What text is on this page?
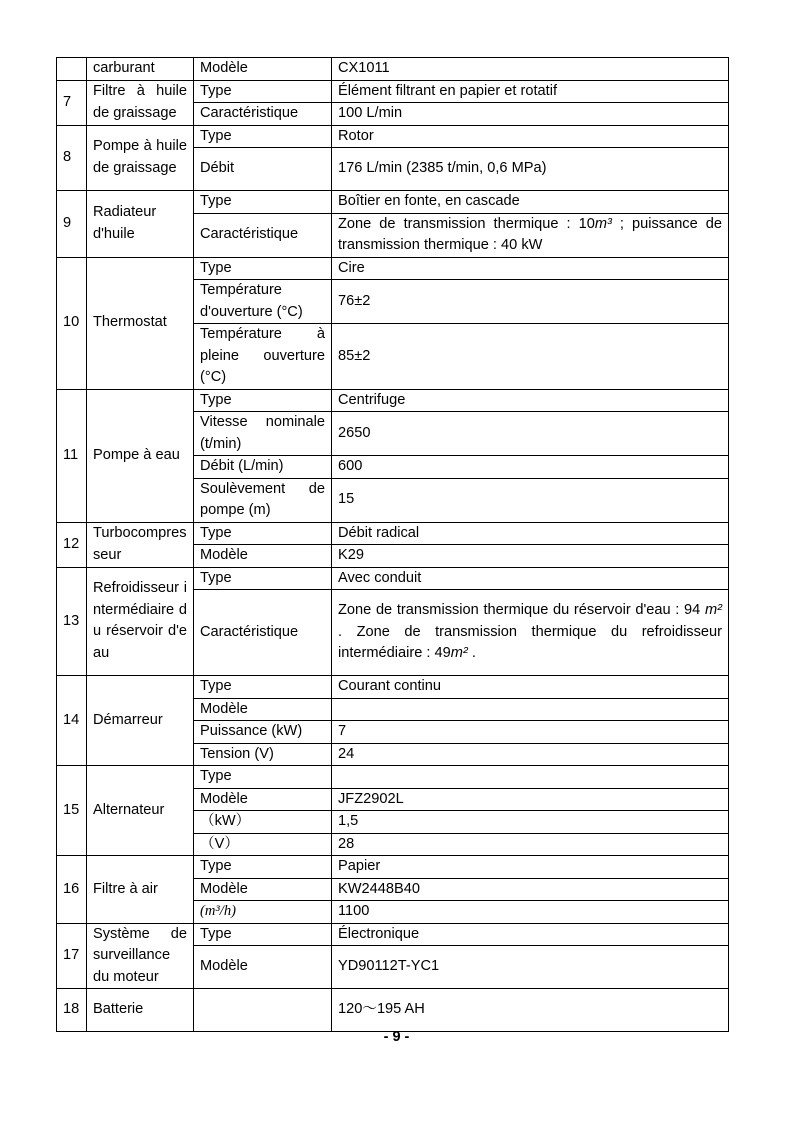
	carburant	Modèle	CX1011
7	Filtre à huile de graissage	Type	Élément filtrant en papier et rotatif
		Caractéristique	100 L/min
8	Pompe à huile de graissage	Type	Rotor
		Débit	176 L/min (2385 t/min, 0,6 MPa)
9	Radiateur d'huile	Type	Boîtier en fonte, en cascade
		Caractéristique	Zone de transmission thermique : 10m³ ; puissance de transmission thermique : 40 kW
10	Thermostat	Type	Cire
		Température d'ouverture (°C)	76±2
		Température à pleine ouverture (°C)	85±2
11	Pompe à eau	Type	Centrifuge
		Vitesse nominale (t/min)	2650
		Débit (L/min)	600
		Soulèvement de pompe (m)	15
12	Turbocompresseur	Type	Débit radical
		Modèle	K29
13	Refroidisseur intermédiaire du réservoir d'eau	Type	Avec conduit
		Caractéristique	Zone de transmission thermique du réservoir d'eau : 94 m² . Zone de transmission thermique du refroidisseur intermédiaire : 49m² .
14	Démarreur	Type	Courant continu
		Modèle	
		Puissance (kW)	7
		Tension (V)	24
15	Alternateur	Type	
		Modèle	JFZ2902L
		（kW）	1,5
		（V）	28
16	Filtre à air	Type	Papier
		Modèle	KW2448B40
		(m³/h)	1100
17	Système de surveillance du moteur	Type	Électronique
		Modèle	YD90112T-YC1
18	Batterie		120～195 AH
- 9 -
